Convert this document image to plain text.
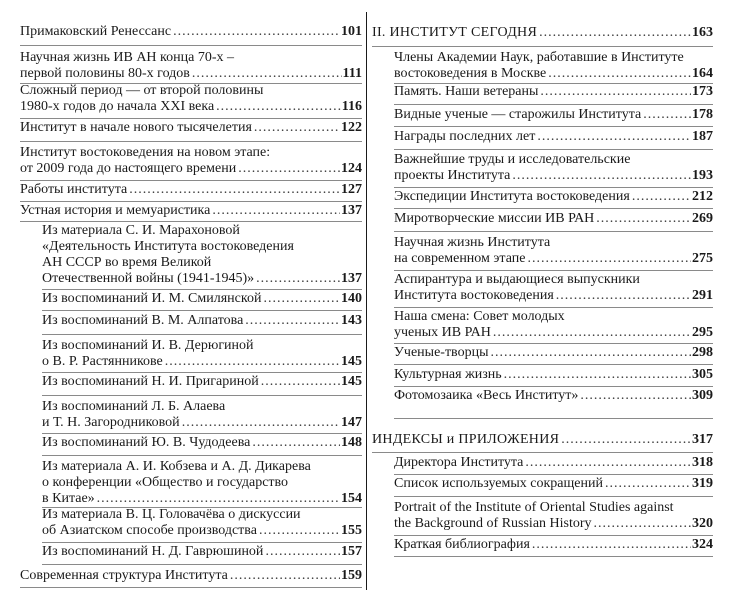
Примаковский Ренессанс .....	101
Научная жизнь ИВ АН конца 70-х –
первой половины 80-х годов .....	111
Сложный период — от второй половины
1980-х годов до начала XXI века .....	116
Институт в начале нового тысячелетия .....	122
Институт востоковедения на новом этапе:
от 2009 года до настоящего времени .....	124
Работы института .....	127
Устная история и мемуаристика .....	137
Из материала С. И. Марахоновой
«Деятельность Института востоковедения
АН СССР во время Великой
Отечественной войны (1941-1945)» .....	137
Из воспоминаний И. М. Смилянской .....	140
Из воспоминаний В. М. Алпатова .....	143
Из воспоминаний И. В. Дерюгиной
о В. Р. Растянникове .....	145
Из воспоминаний Н. И. Пригариной .....	145
Из воспоминаний Л. Б. Алаева
и Т. Н. Загородниковой .....	147
Из воспоминаний Ю. В. Чудодеева .....	148
Из материала А. И. Кобзева и А. Д. Дикарева
о конференции «Общество и государство
в Китае» .....	154
Из материала В. Ц. Головачёва о дискуссии
об Азиатском способе производства .....	155
Из воспоминаний Н. Д. Гаврюшиной .....	157
Современная структура Института .....	159
II. ИНСТИТУТ СЕГОДНЯ .....	163
Члены Академии Наук, работавшие в Институте
востоковедения в Москве .....	164
Память. Наши ветераны .....	173
Видные ученые — старожилы Института .....	178
Награды последних лет .....	187
Важнейшие труды и исследовательские
проекты Института .....	193
Экспедиции Института востоковедения .....	212
Миротворческие миссии ИВ РАН .....	269
Научная жизнь Института
на современном этапе .....	275
Аспирантура и выдающиеся выпускники
Института востоковедения .....	291
Наша смена: Совет молодых
ученых ИВ РАН .....	295
Ученые-творцы .....	298
Культурная жизнь .....	305
Фотомозаика «Весь Институт» .....	309
ИНДЕКСЫ и ПРИЛОЖЕНИЯ .....	317
Директора Института .....	318
Список используемых сокращений .....	319
Portrait of the Institute of Oriental Studies against
the Background of Russian History .....	320
Краткая библиография .....	324
